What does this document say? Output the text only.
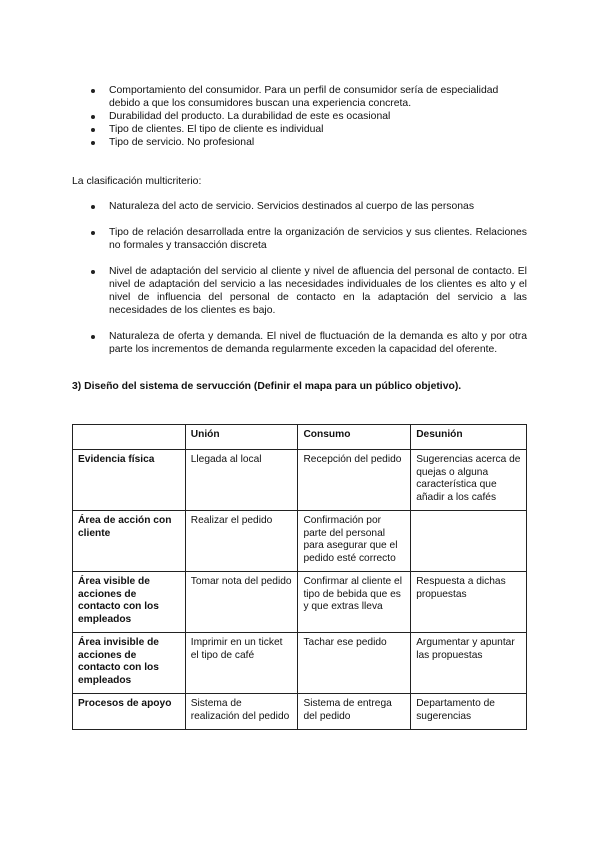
Comportamiento del consumidor. Para un perfil de consumidor sería de especialidad debido a que los consumidores buscan una experiencia concreta.
Durabilidad del producto. La durabilidad de este es ocasional
Tipo de clientes. El tipo de cliente es individual
Tipo de servicio. No profesional
La clasificación multicriterio:
Naturaleza del acto de servicio. Servicios destinados al cuerpo de las personas
Tipo de relación desarrollada entre la organización de servicios y sus clientes. Relaciones no formales y transacción discreta
Nivel de adaptación del servicio al cliente y nivel de afluencia del personal de contacto. El nivel de adaptación del servicio a las necesidades individuales de los clientes es alto y el nivel de influencia del personal de contacto en la adaptación del servicio a las necesidades de los clientes es bajo.
Naturaleza de oferta y demanda. El nivel de fluctuación de la demanda es alto y por otra parte los incrementos de demanda regularmente exceden la capacidad del oferente.
3) Diseño del sistema de servucción (Definir el mapa para un público objetivo).
	Unión	Consumo	Desunión
Evidencia física	Llegada al local	Recepción del pedido	Sugerencias acerca de quejas o alguna característica que añadir a los cafés
Área de acción con cliente	Realizar el pedido	Confirmación por parte del personal para asegurar que el pedido esté correcto	
Área visible de acciones de contacto con los empleados	Tomar nota del pedido	Confirmar al cliente el tipo de bebida que es y que extras lleva	Respuesta a dichas propuestas
Área invisible de acciones de contacto con los empleados	Imprimir en un ticket el tipo de café	Tachar ese pedido	Argumentar y apuntar las propuestas
Procesos de apoyo	Sistema de realización del pedido	Sistema de entrega del pedido	Departamento de sugerencias
